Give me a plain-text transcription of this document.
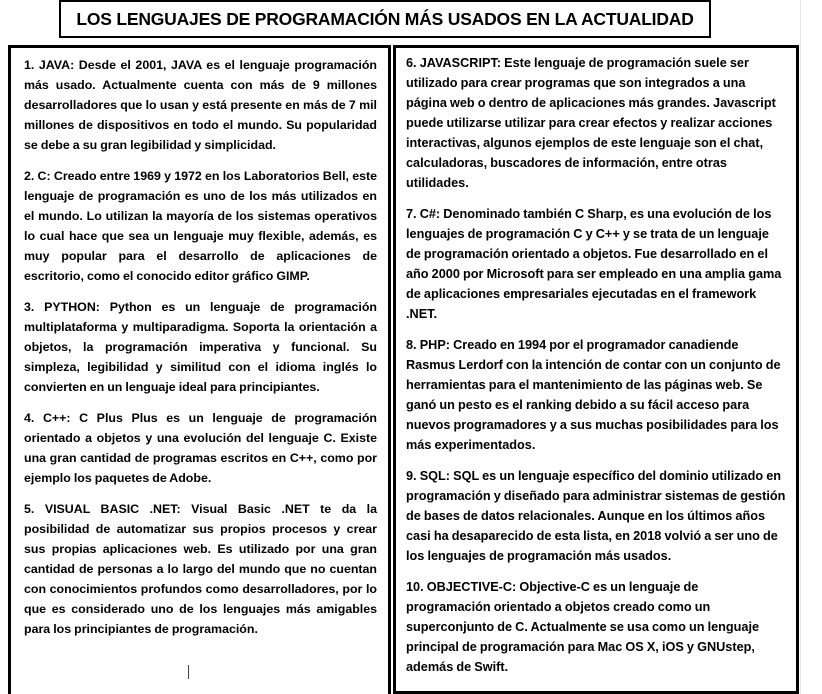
LOS LENGUAJES DE PROGRAMACIÓN MÁS USADOS EN LA ACTUALIDAD

1. JAVA: Desde el 2001, JAVA es el lenguaje programación más usado. Actualmente cuenta con más de 9 millones desarrolladores que lo usan y está presente en más de 7 mil millones de dispositivos en todo el mundo. Su popularidad se debe a su gran legibilidad y simplicidad.

2. C: Creado entre 1969 y 1972 en los Laboratorios Bell, este lenguaje de programación es uno de los más utilizados en el mundo. Lo utilizan la mayoría de los sistemas operativos lo cual hace que sea un lenguaje muy flexible, además, es muy popular para el desarrollo de aplicaciones de escritorio, como el conocido editor gráfico GIMP.

3. PYTHON: Python es un lenguaje de programación multiplataforma y multiparadigma. Soporta la orientación a objetos, la programación imperativa y funcional. Su simpleza, legibilidad y similitud con el idioma inglés lo convierten en un lenguaje ideal para principiantes.

4. C++: C Plus Plus es un lenguaje de programación orientado a objetos y una evolución del lenguaje C. Existe una gran cantidad de programas escritos en C++, como por ejemplo los paquetes de Adobe.

5. VISUAL BASIC .NET: Visual Basic .NET te da la posibilidad de automatizar sus propios procesos y crear sus propias aplicaciones web. Es utilizado por una gran cantidad de personas a lo largo del mundo que no cuentan con conocimientos profundos como desarrolladores, por lo que es considerado uno de los lenguajes más amigables para los principiantes de programación.

6. JAVASCRIPT: Este lenguaje de programación suele ser utilizado para crear programas que son integrados a una página web o dentro de aplicaciones más grandes. Javascript puede utilizarse utilizar para crear efectos y realizar acciones interactivas, algunos ejemplos de este lenguaje son el chat, calculadoras, buscadores de información, entre otras utilidades.

7. C#: Denominado también C Sharp, es una evolución de los lenguajes de programación C y C++ y se trata de un lenguaje de programación orientado a objetos. Fue desarrollado en el año 2000 por Microsoft para ser empleado en una amplia gama de aplicaciones empresariales ejecutadas en el framework .NET.

8. PHP: Creado en 1994 por el programador canadiende Rasmus Lerdorf con la intención de contar con un conjunto de herramientas para el mantenimiento de las páginas web. Se ganó un pesto es el ranking debido a su fácil acceso para nuevos programadores y a sus muchas posibilidades para los más experimentados.

9. SQL: SQL es un lenguaje específico del dominio utilizado en programación y diseñado para administrar sistemas de gestión de bases de datos relacionales. Aunque en los últimos años casi ha desaparecido de esta lista, en 2018 volvió a ser uno de los lenguajes de programación más usados.

10. OBJECTIVE-C: Objective-C es un lenguaje de programación orientado a objetos creado como un superconjunto de C. Actualmente se usa como un lenguaje principal de programación para Mac OS X, iOS y GNUstep, además de Swift.
